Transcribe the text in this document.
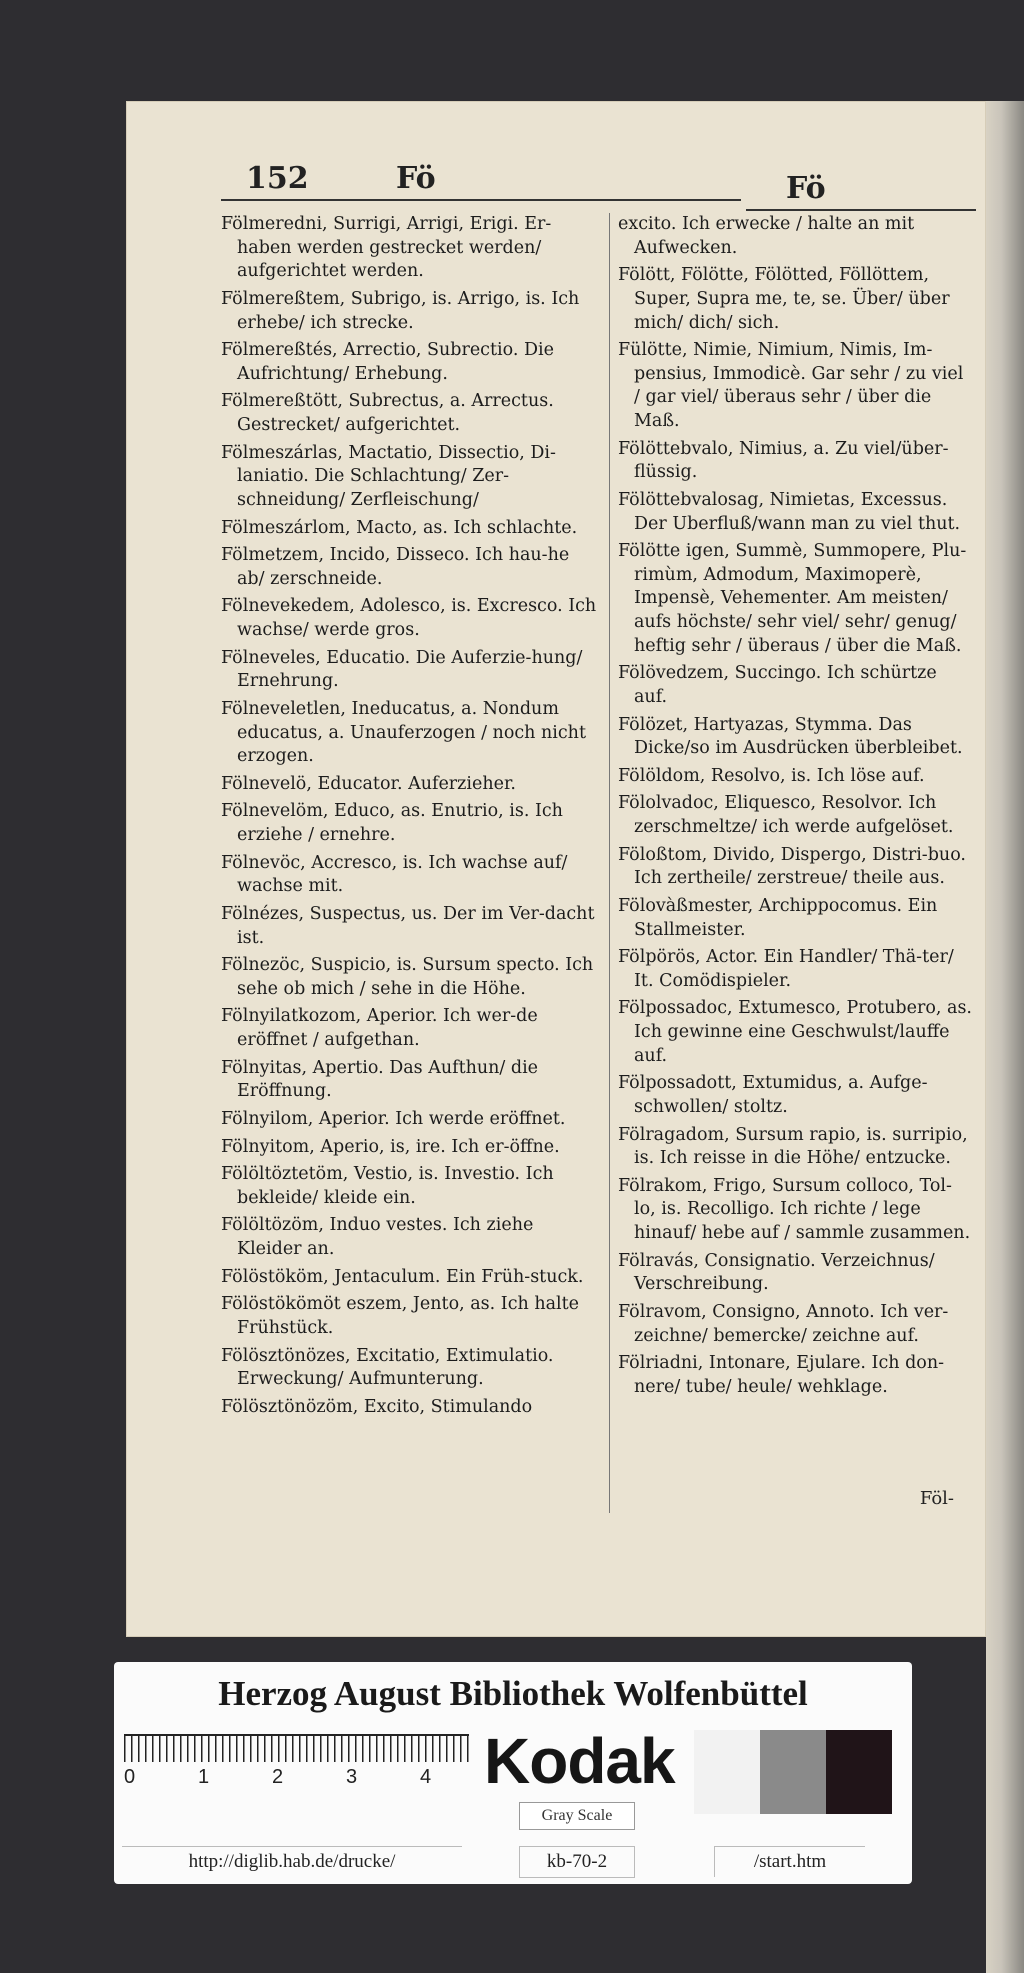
152	Fö	Fö

Fölmeredni, Surrigi, Arrigi, Erigi. Er-haben werden gestrecket werden/ aufgerichtet werden.

Fölmereßtem, Subrigo, is. Arrigo, is. Ich erhebe/ ich strecke.

Fölmereßtés, Arrectio, Subrectio. Die Aufrichtung/ Erhebung.

Fölmereßtött, Subrectus, a. Arrectus. Gestrecket/ aufgerichtet.

Fölmeszárlas, Mactatio, Dissectio, Di-laniatio. Die Schlachtung/ Zer-schneidung/ Zerfleischung/

Fölmeszárlom, Macto, as. Ich schlachte.

Fölmetzem, Incido, Disseco. Ich hau-he ab/ zerschneide.

Fölnevekedem, Adolesco, is. Excresco. Ich wachse/ werde gros.

Fölneveles, Educatio. Die Auferzie-hung/ Ernehrung.

Fölneveletlen, Ineducatus, a. Nondum educatus, a. Unauferzogen / noch nicht erzogen.

Fölnevelö, Educator. Auferzieher.

Fölnevelöm, Educo, as. Enutrio, is. Ich erziehe / ernehre.

Fölnevöc, Accresco, is. Ich wachse auf/ wachse mit.

Fölnézes, Suspectus, us. Der im Ver-dacht ist.

Fölnezöc, Suspicio, is. Sursum specto. Ich sehe ob mich / sehe in die Höhe.

Fölnyilatkozom, Aperior. Ich wer-de eröffnet / aufgethan.

Fölnyitas, Apertio. Das Aufthun/ die Eröffnung.

Fölnyilom, Aperior. Ich werde eröffnet.

Fölnyitom, Aperio, is, ire. Ich er-öffne.

Fölöltöztetöm, Vestio, is. Investio. Ich bekleide/ kleide ein.

Fölöltözöm, Induo vestes. Ich ziehe Kleider an.

Fölöstököm, Jentaculum. Ein Früh-stuck.

Fölöstökömöt eszem, Jento, as. Ich halte Frühstück.

Fölösztönözes, Excitatio, Extimulatio. Erweckung/ Aufmunterung.

Fölösztönözöm, Excito, Stimulando

excito. Ich erwecke / halte an mit Aufwecken.

Fölött, Fölötte, Fölötted, Föllöttem, Super, Supra me, te, se. Über/ über mich/ dich/ sich.

Fülötte, Nimie, Nimium, Nimis, Im-pensius, Immodicè. Gar sehr / zu viel / gar viel/ überaus sehr / über die Maß.

Fölöttebvalo, Nimius, a. Zu viel/über-flüssig.

Fölöttebvalosag, Nimietas, Excessus. Der Uberfluß/wann man zu viel thut.

Fölötte igen, Summè, Summopere, Plu-rimùm, Admodum, Maximoperè, Impensè, Vehementer. Am meisten/ aufs höchste/ sehr viel/ sehr/ genug/ heftig sehr / überaus / über die Maß.

Fölövedzem, Succingo. Ich schürtze auf.

Fölözet, Hartyazas, Stymma. Das Dicke/so im Ausdrücken überbleibet.

Fölöldom, Resolvo, is. Ich löse auf.

Fölolvadoc, Eliquesco, Resolvor. Ich zerschmeltze/ ich werde aufgelöset.

Föloßtom, Divido, Dispergo, Distri-buo. Ich zertheile/ zerstreue/ theile aus.

Fölovàßmester, Archippocomus. Ein Stallmeister.

Fölpörös, Actor. Ein Handler/ Thä-ter/ It. Comödispieler.

Fölpossadoc, Extumesco, Protubero, as. Ich gewinne eine Geschwulst/lauffe auf.

Fölpossadott, Extumidus, a. Aufge-schwollen/ stoltz.

Fölragadom, Sursum rapio, is. surripio, is. Ich reisse in die Höhe/ entzucke.

Fölrakom, Frigo, Sursum colloco, Tol-lo, is. Recolligo. Ich richte / lege hinauf/ hebe auf / sammle zusammen.

Fölravás, Consignatio. Verzeichnus/ Verschreibung.

Fölravom, Consigno, Annoto. Ich ver-zeichne/ bemercke/ zeichne auf.

Fölriadni, Intonare, Ejulare. Ich don-nere/ tube/ heule/ wehklage.

Föl-
Herzog August Bibliothek Wolfenbüttel
0	1	2	3	4 Kodak
Gray Scale
http://diglib.hab.de/drucke/	kb-70-2	/start.htm
